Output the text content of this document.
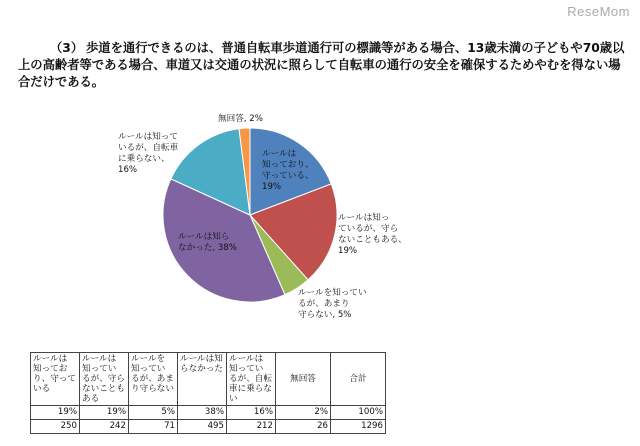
ReseMom
（3） 歩道を通行できるのは、普通自転車歩道通行可の標識等がある場合、13歳未満の子どもや70歳以上の高齢者等である場合、車道又は交通の状況に照らして自転車の通行の安全を確保するためやむを得ない場合だけである。
ルールは
知っており、
守っている、
19%
ルールは知っ
ているが、守ら
ないこともある、
19%
ルールを知ってい
るが、あまり
守らない, 5%
ルールは知ら
なかった, 38%
ルールは知って
いるが、自転車
に乗らない、
16%
無回答, 2%
ルールは
知ってお
り、守って
いる	ルールは
知ってい
るが、守ら
ないことも
ある	ルールを
知ってい
るが、あま
り守らない	ルールは知
らなかった	ルールは
知ってい
るが、自転
車に乗らな
い	無回答	合計
19%	19%	5%	38%	16%	2%	100%
250	242	71	495	212	26	1296
